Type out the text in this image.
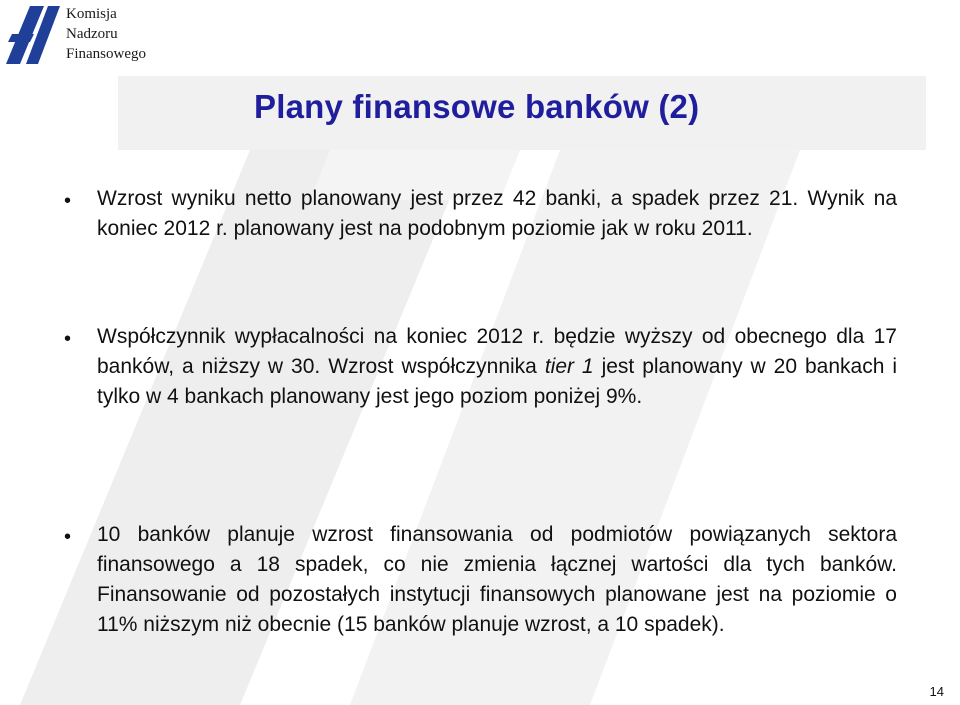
Komisja
Nadzoru
Finansowego
Plany finansowe banków (2)
• Wzrost wyniku netto planowany jest przez 42 banki, a spadek przez 21. Wynik na koniec 2012 r. planowany jest na podobnym poziomie jak w roku 2011.
• Współczynnik wypłacalności na koniec 2012 r. będzie wyższy od obecnego dla 17 banków, a niższy w 30. Wzrost współczynnika tier 1 jest planowany w 20 bankach i tylko w 4 bankach planowany jest jego poziom poniżej 9%.
• 10 banków planuje wzrost finansowania od podmiotów powiązanych sektora finansowego a 18 spadek, co nie zmienia łącznej wartości dla tych banków. Finansowanie od pozostałych instytucji finansowych planowane jest na poziomie o 11% niższym niż obecnie (15 banków planuje wzrost, a 10 spadek).
14
